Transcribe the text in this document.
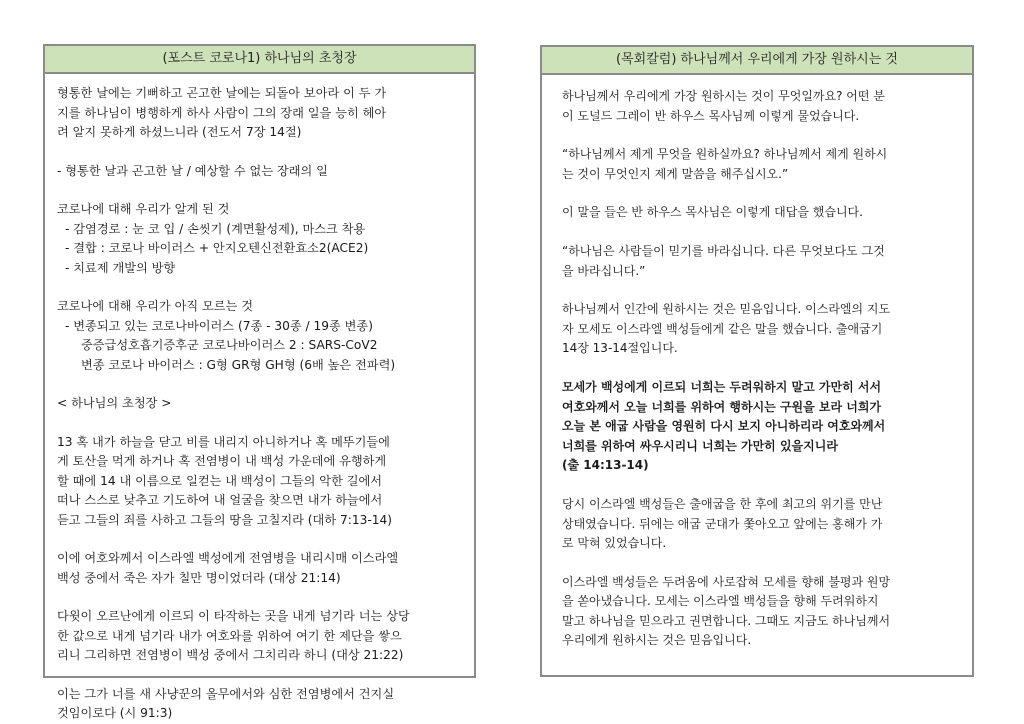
(포스트 코로나1) 하나님의 초청장

형통한 날에는 기뻐하고 곤고한 날에는 되돌아 보아라 이 두 가
지를 하나님이 병행하게 하사 사람이 그의 장래 일을 능히 헤아
려 알지 못하게 하셨느니라 (전도서 7장 14절)

- 형통한 날과 곤고한 날 / 예상할 수 없는 장래의 일

코로나에 대해 우리가 알게 된 것

- 감염경로 : 눈 코 입 / 손씻기 (계면활성제), 마스크 착용

- 결합 : 코로나 바이러스 + 안지오텐신전환효소2(ACE2)

- 치료제 개발의 방향

코로나에 대해 우리가 아직 모르는 것

- 변종되고 있는 코로나바이러스 (7종 - 30종 / 19종 변종)

중증급성호흡기증후군 코로나바이러스 2 : SARS-CoV2

변종 코로나 바이러스 : G형 GR형 GH형 (6배 높은 전파력)

< 하나님의 초청장 >

13 혹 내가 하늘을 닫고 비를 내리지 아니하거나 혹 메뚜기들에
게 토산을 먹게 하거나 혹 전염병이 내 백성 가운데에 유행하게
할 때에 14 내 이름으로 일컫는 내 백성이 그들의 악한 길에서
떠나 스스로 낮추고 기도하여 내 얼굴을 찾으면 내가 하늘에서
듣고 그들의 죄를 사하고 그들의 땅을 고칠지라 (대하 7:13-14)

이에 여호와께서 이스라엘 백성에게 전염병을 내리시매 이스라엘
백성 중에서 죽은 자가 칠만 명이었더라 (대상 21:14)

다윗이 오르난에게 이르되 이 타작하는 곳을 내게 넘기라 너는 상당
한 값으로 내게 넘기라 내가 여호와를 위하여 여기 한 제단을 쌓으
리니 그리하면 전염병이 백성 중에서 그치리라 하니 (대상 21:22)

이는 그가 너를 새 사냥꾼의 올무에서와 심한 전염병에서 건지실
것임이로다 (시 91:3)

(목회칼럼) 하나님께서 우리에게 가장 원하시는 것

하나님께서 우리에게 가장 원하시는 것이 무엇일까요? 어떤 분
이 도널드 그레이 반 하우스 목사님께 이렇게 물었습니다.

“하나님께서 제게 무엇을 원하실까요? 하나님께서 제게 원하시
는 것이 무엇인지 제게 말씀을 해주십시오.”

이 말을 들은 반 하우스 목사님은 이렇게 대답을 했습니다.

“하나님은 사람들이 믿기를 바라십니다. 다른 무엇보다도 그것
을 바라십니다.”

하나님께서 인간에 원하시는 것은 믿음입니다. 이스라엘의 지도
자 모세도 이스라엘 백성들에게 같은 말을 했습니다. 출애굽기
14장 13-14절입니다.

모세가 백성에게 이르되 너희는 두려워하지 말고 가만히 서서
여호와께서 오늘 너희를 위하여 행하시는 구원을 보라 너희가
오늘 본 애굽 사람을 영원히 다시 보지 아니하리라 여호와께서
너희를 위하여 싸우시리니 너희는 가만히 있을지니라
(출 14:13-14)

당시 이스라엘 백성들은 출애굽을 한 후에 최고의 위기를 만난
상태였습니다. 뒤에는 애굽 군대가 쫓아오고 앞에는 홍해가 가
로 막혀 있었습니다.

이스라엘 백성들은 두려움에 사로잡혀 모세를 향해 불평과 원망
을 쏟아냈습니다. 모세는 이스라엘 백성들을 향해 두려워하지
말고 하나님을 믿으라고 권면합니다. 그때도 지금도 하나님께서
우리에게 원하시는 것은 믿음입니다.
